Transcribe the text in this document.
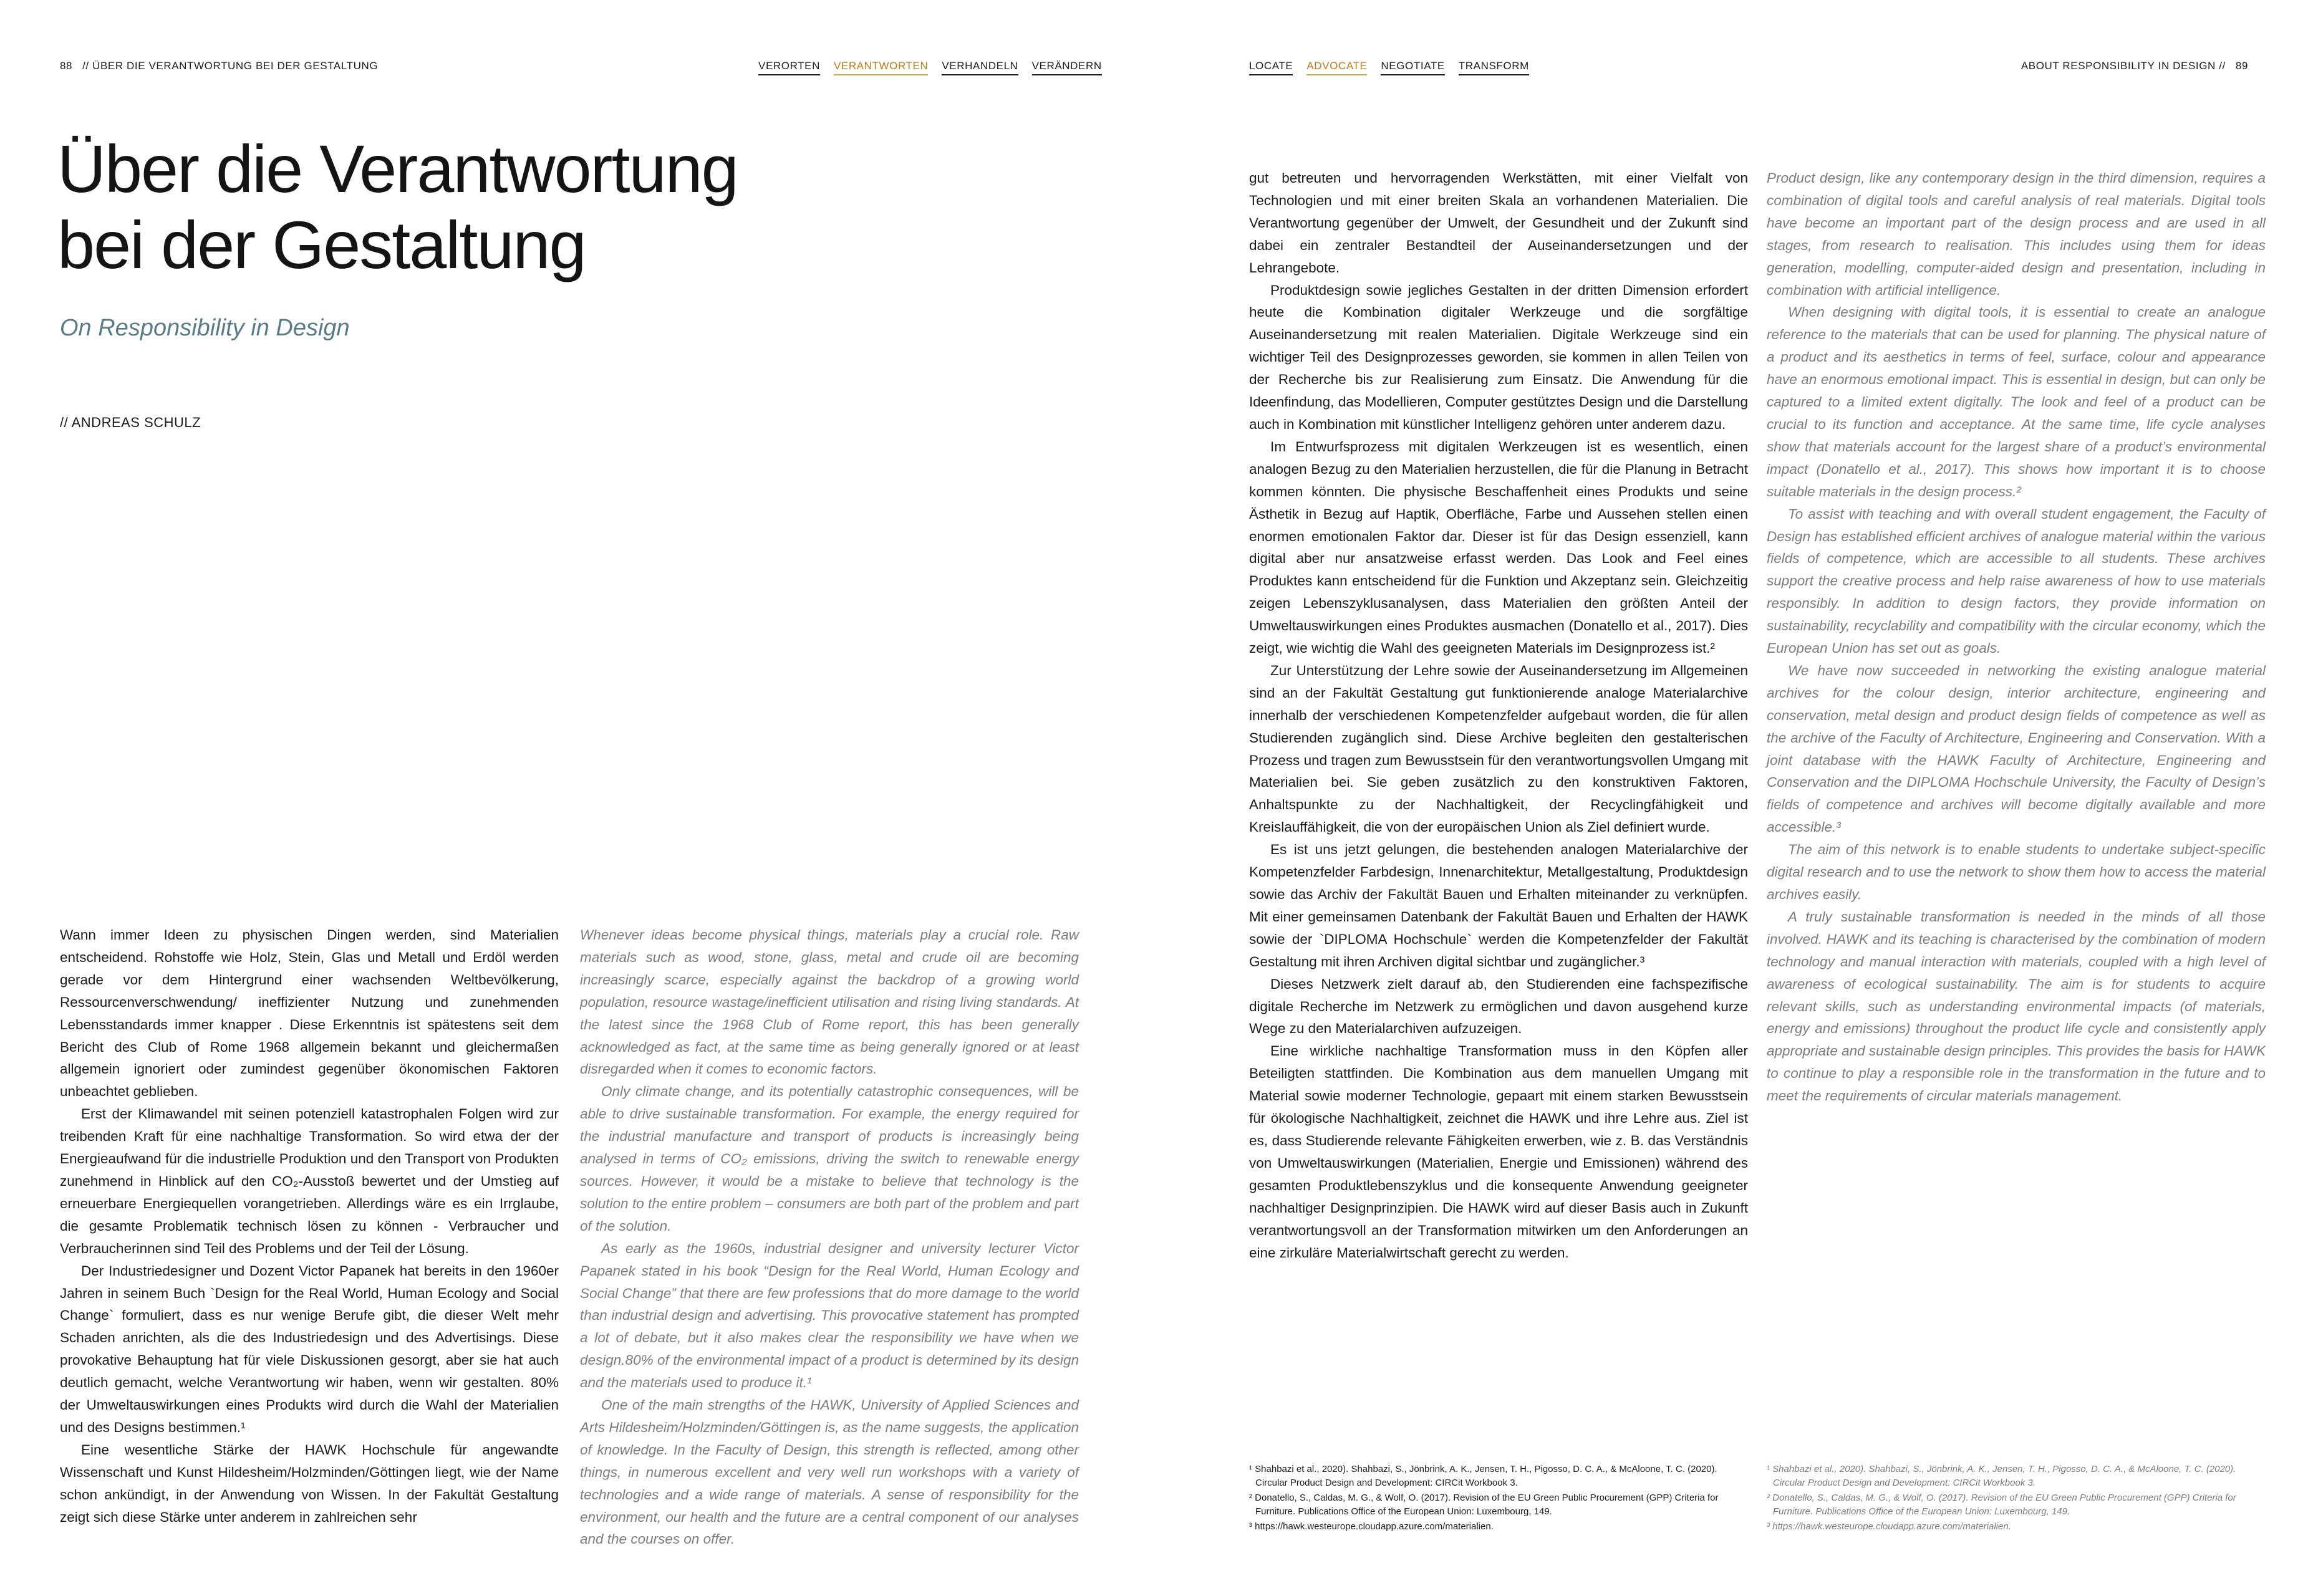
88 // ÜBER DIE VERANTWORTUNG BEI DER GESTALTUNG	VERORTEN VERANTWORTEN VERHANDELN VERÄNDERN
Über die Verantwortung
bei der Gestaltung
On Responsibility in Design
// ANDREAS SCHULZ

Wann immer Ideen zu physischen Dingen werden, sind Materialien entscheidend. Rohstoffe wie Holz, Stein, Glas und Metall und Erdöl werden gerade vor dem Hintergrund einer wachsenden Weltbevölkerung, Ressourcenverschwendung/ ineffizienter Nutzung und zunehmenden Lebensstandards immer knapper . Diese Erkenntnis ist spätestens seit dem Bericht des Club of Rome 1968 allgemein bekannt und gleichermaßen allgemein ignoriert oder zumindest gegenüber ökonomischen Faktoren unbeachtet geblieben.

Erst der Klimawandel mit seinen potenziell katastrophalen Folgen wird zur treibenden Kraft für eine nachhaltige Transformation. So wird etwa der der Energieaufwand für die industrielle Produktion und den Transport von Produkten zunehmend in Hinblick auf den CO₂-Ausstoß bewertet und der Umstieg auf erneuerbare Energiequellen vorangetrieben. Allerdings wäre es ein Irrglaube, die gesamte Problematik technisch lösen zu können - Verbraucher und Verbraucherinnen sind Teil des Problems und der Teil der Lösung.

Der Industriedesigner und Dozent Victor Papanek hat bereits in den 1960er Jahren in seinem Buch `Design for the Real World, Human Ecology and Social Change` formuliert, dass es nur wenige Berufe gibt, die dieser Welt mehr Schaden anrichten, als die des Industriedesign und des Advertisings. Diese provokative Behauptung hat für viele Diskussionen gesorgt, aber sie hat auch deutlich gemacht, welche Verantwortung wir haben, wenn wir gestalten. 80% der Umweltauswirkungen eines Produkts wird durch die Wahl der Materialien und des Designs bestimmen.¹

Eine wesentliche Stärke der HAWK Hochschule für angewandte Wissenschaft und Kunst Hildesheim/Holzminden/Göttingen liegt, wie der Name schon ankündigt, in der Anwendung von Wissen. In der Fakultät Gestaltung zeigt sich diese Stärke unter anderem in zahlreichen sehr

Whenever ideas become physical things, materials play a crucial role. Raw materials such as wood, stone, glass, metal and crude oil are becoming increasingly scarce, especially against the backdrop of a growing world population, resource wastage/inefficient utilisation and rising living standards. At the latest since the 1968 Club of Rome report, this has been generally acknowledged as fact, at the same time as being generally ignored or at least disregarded when it comes to economic factors.

Only climate change, and its potentially catastrophic consequences, will be able to drive sustainable transformation. For example, the energy required for the industrial manufacture and transport of products is increasingly being analysed in terms of CO₂ emissions, driving the switch to renewable energy sources. However, it would be a mistake to believe that technology is the solution to the entire problem – consumers are both part of the problem and part of the solution.

As early as the 1960s, industrial designer and university lecturer Victor Papanek stated in his book “Design for the Real World, Human Ecology and Social Change” that there are few professions that do more damage to the world than industrial design and advertising. This provocative statement has prompted a lot of debate, but it also makes clear the responsibility we have when we design.80% of the environmental impact of a product is determined by its design and the materials used to produce it.¹

One of the main strengths of the HAWK, University of Applied Sciences and Arts Hildesheim/Holzminden/Göttingen is, as the name suggests, the application of knowledge. In the Faculty of Design, this strength is reflected, among other things, in numerous excellent and very well run workshops with a variety of technologies and a wide range of materials. A sense of responsibility for the environment, our health and the future are a central component of our analyses and the courses on offer.

LOCATE ADVOCATE NEGOTIATE TRANSFORM	ABOUT RESPONSIBILITY IN DESIGN // 89

gut betreuten und hervorragenden Werkstätten, mit einer Vielfalt von Technologien und mit einer breiten Skala an vorhandenen Materialien. Die Verantwortung gegenüber der Umwelt, der Gesundheit und der Zukunft sind dabei ein zentraler Bestandteil der Auseinandersetzungen und der Lehrangebote.

Produktdesign sowie jegliches Gestalten in der dritten Dimension erfordert heute die Kombination digitaler Werkzeuge und die sorgfältige Auseinandersetzung mit realen Materialien. Digitale Werkzeuge sind ein wichtiger Teil des Designprozesses geworden, sie kommen in allen Teilen von der Recherche bis zur Realisierung zum Einsatz. Die Anwendung für die Ideenfindung, das Modellieren, Computer gestütztes Design und die Darstellung auch in Kombination mit künstlicher Intelligenz gehören unter anderem dazu.

Im Entwurfsprozess mit digitalen Werkzeugen ist es wesentlich, einen analogen Bezug zu den Materialien herzustellen, die für die Planung in Betracht kommen könnten. Die physische Beschaffenheit eines Produkts und seine Ästhetik in Bezug auf Haptik, Oberfläche, Farbe und Aussehen stellen einen enormen emotionalen Faktor dar. Dieser ist für das Design essenziell, kann digital aber nur ansatzweise erfasst werden. Das Look and Feel eines Produktes kann entscheidend für die Funktion und Akzeptanz sein. Gleichzeitig zeigen Lebenszyklusanalysen, dass Materialien den größten Anteil der Umweltauswirkungen eines Produktes ausmachen (Donatello et al., 2017). Dies zeigt, wie wichtig die Wahl des geeigneten Materials im Designprozess ist.²

Zur Unterstützung der Lehre sowie der Auseinandersetzung im Allgemeinen sind an der Fakultät Gestaltung gut funktionierende analoge Materialarchive innerhalb der verschiedenen Kompetenzfelder aufgebaut worden, die für allen Studierenden zugänglich sind. Diese Archive begleiten den gestalterischen Prozess und tragen zum Bewusstsein für den verantwortungsvollen Umgang mit Materialien bei. Sie geben zusätzlich zu den konstruktiven Faktoren, Anhaltspunkte zu der Nachhaltigkeit, der Recyclingfähigkeit und Kreislauffähigkeit, die von der europäischen Union als Ziel definiert wurde.

Es ist uns jetzt gelungen, die bestehenden analogen Materialarchive der Kompetenzfelder Farbdesign, Innenarchitektur, Metallgestaltung, Produktdesign sowie das Archiv der Fakultät Bauen und Erhalten miteinander zu verknüpfen. Mit einer gemeinsamen Datenbank der Fakultät Bauen und Erhalten der HAWK sowie der `DIPLOMA Hochschule` werden die Kompetenzfelder der Fakultät Gestaltung mit ihren Archiven digital sichtbar und zugänglicher.³

Dieses Netzwerk zielt darauf ab, den Studierenden eine fachspezifische digitale Recherche im Netzwerk zu ermöglichen und davon ausgehend kurze Wege zu den Materialarchiven aufzuzeigen.

Eine wirkliche nachhaltige Transformation muss in den Köpfen aller Beteiligten stattfinden. Die Kombination aus dem manuellen Umgang mit Material sowie moderner Technologie, gepaart mit einem starken Bewusstsein für ökologische Nachhaltigkeit, zeichnet die HAWK und ihre Lehre aus. Ziel ist es, dass Studierende relevante Fähigkeiten erwerben, wie z. B. das Verständnis von Umweltauswirkungen (Materialien, Energie und Emissionen) während des gesamten Produktlebenszyklus und die konsequente Anwendung geeigneter nachhaltiger Designprinzipien. Die HAWK wird auf dieser Basis auch in Zukunft verantwortungsvoll an der Transformation mitwirken um den Anforderungen an eine zirkuläre Materialwirtschaft gerecht zu werden.

Product design, like any contemporary design in the third dimension, requires a combination of digital tools and careful analysis of real materials. Digital tools have become an important part of the design process and are used in all stages, from research to realisation. This includes using them for ideas generation, modelling, computer-aided design and presentation, including in combination with artificial intelligence.

When designing with digital tools, it is essential to create an analogue reference to the materials that can be used for planning. The physical nature of a product and its aesthetics in terms of feel, surface, colour and appearance have an enormous emotional impact. This is essential in design, but can only be captured to a limited extent digitally. The look and feel of a product can be crucial to its function and acceptance. At the same time, life cycle analyses show that materials account for the largest share of a product’s environmental impact (Donatello et al., 2017). This shows how important it is to choose suitable materials in the design process.²

To assist with teaching and with overall student engagement, the Faculty of Design has established efficient archives of analogue material within the various fields of competence, which are accessible to all students. These archives support the creative process and help raise awareness of how to use materials responsibly. In addition to design factors, they provide information on sustainability, recyclability and compatibility with the circular economy, which the European Union has set out as goals.

We have now succeeded in networking the existing analogue material archives for the colour design, interior architecture, engineering and conservation, metal design and product design fields of competence as well as the archive of the Faculty of Architecture, Engineering and Conservation. With a joint database with the HAWK Faculty of Architecture, Engineering and Conservation and the DIPLOMA Hochschule University, the Faculty of Design’s fields of competence and archives will become digitally available and more accessible.³

The aim of this network is to enable students to undertake subject-specific digital research and to use the network to show them how to access the material archives easily.

A truly sustainable transformation is needed in the minds of all those involved. HAWK and its teaching is characterised by the combination of modern technology and manual interaction with materials, coupled with a high level of awareness of ecological sustainability. The aim is for students to acquire relevant skills, such as understanding environmental impacts (of materials, energy and emissions) throughout the product life cycle and consistently apply appropriate and sustainable design principles. This provides the basis for HAWK to continue to play a responsible role in the transformation in the future and to meet the requirements of circular materials management.

¹ Shahbazi et al., 2020). Shahbazi, S., Jönbrink, A. K., Jensen, T. H., Pigosso, D. C. A., & McAloone, T. C. (2020). Circular Product Design and Development: CIRCit Workbook 3.

² Donatello, S., Caldas, M. G., & Wolf, O. (2017). Revision of the EU Green Public Procurement (GPP) Criteria for Furniture. Publications Office of the European Union: Luxembourg, 149.

³ https://hawk.westeurope.cloudapp.azure.com/materialien.

¹ Shahbazi et al., 2020). Shahbazi, S., Jönbrink, A. K., Jensen, T. H., Pigosso, D. C. A., & McAloone, T. C. (2020). Circular Product Design and Development: CIRCit Workbook 3.

² Donatello, S., Caldas, M. G., & Wolf, O. (2017). Revision of the EU Green Public Procurement (GPP) Criteria for Furniture. Publications Office of the European Union: Luxembourg, 149.

³ https://hawk.westeurope.cloudapp.azure.com/materialien.
